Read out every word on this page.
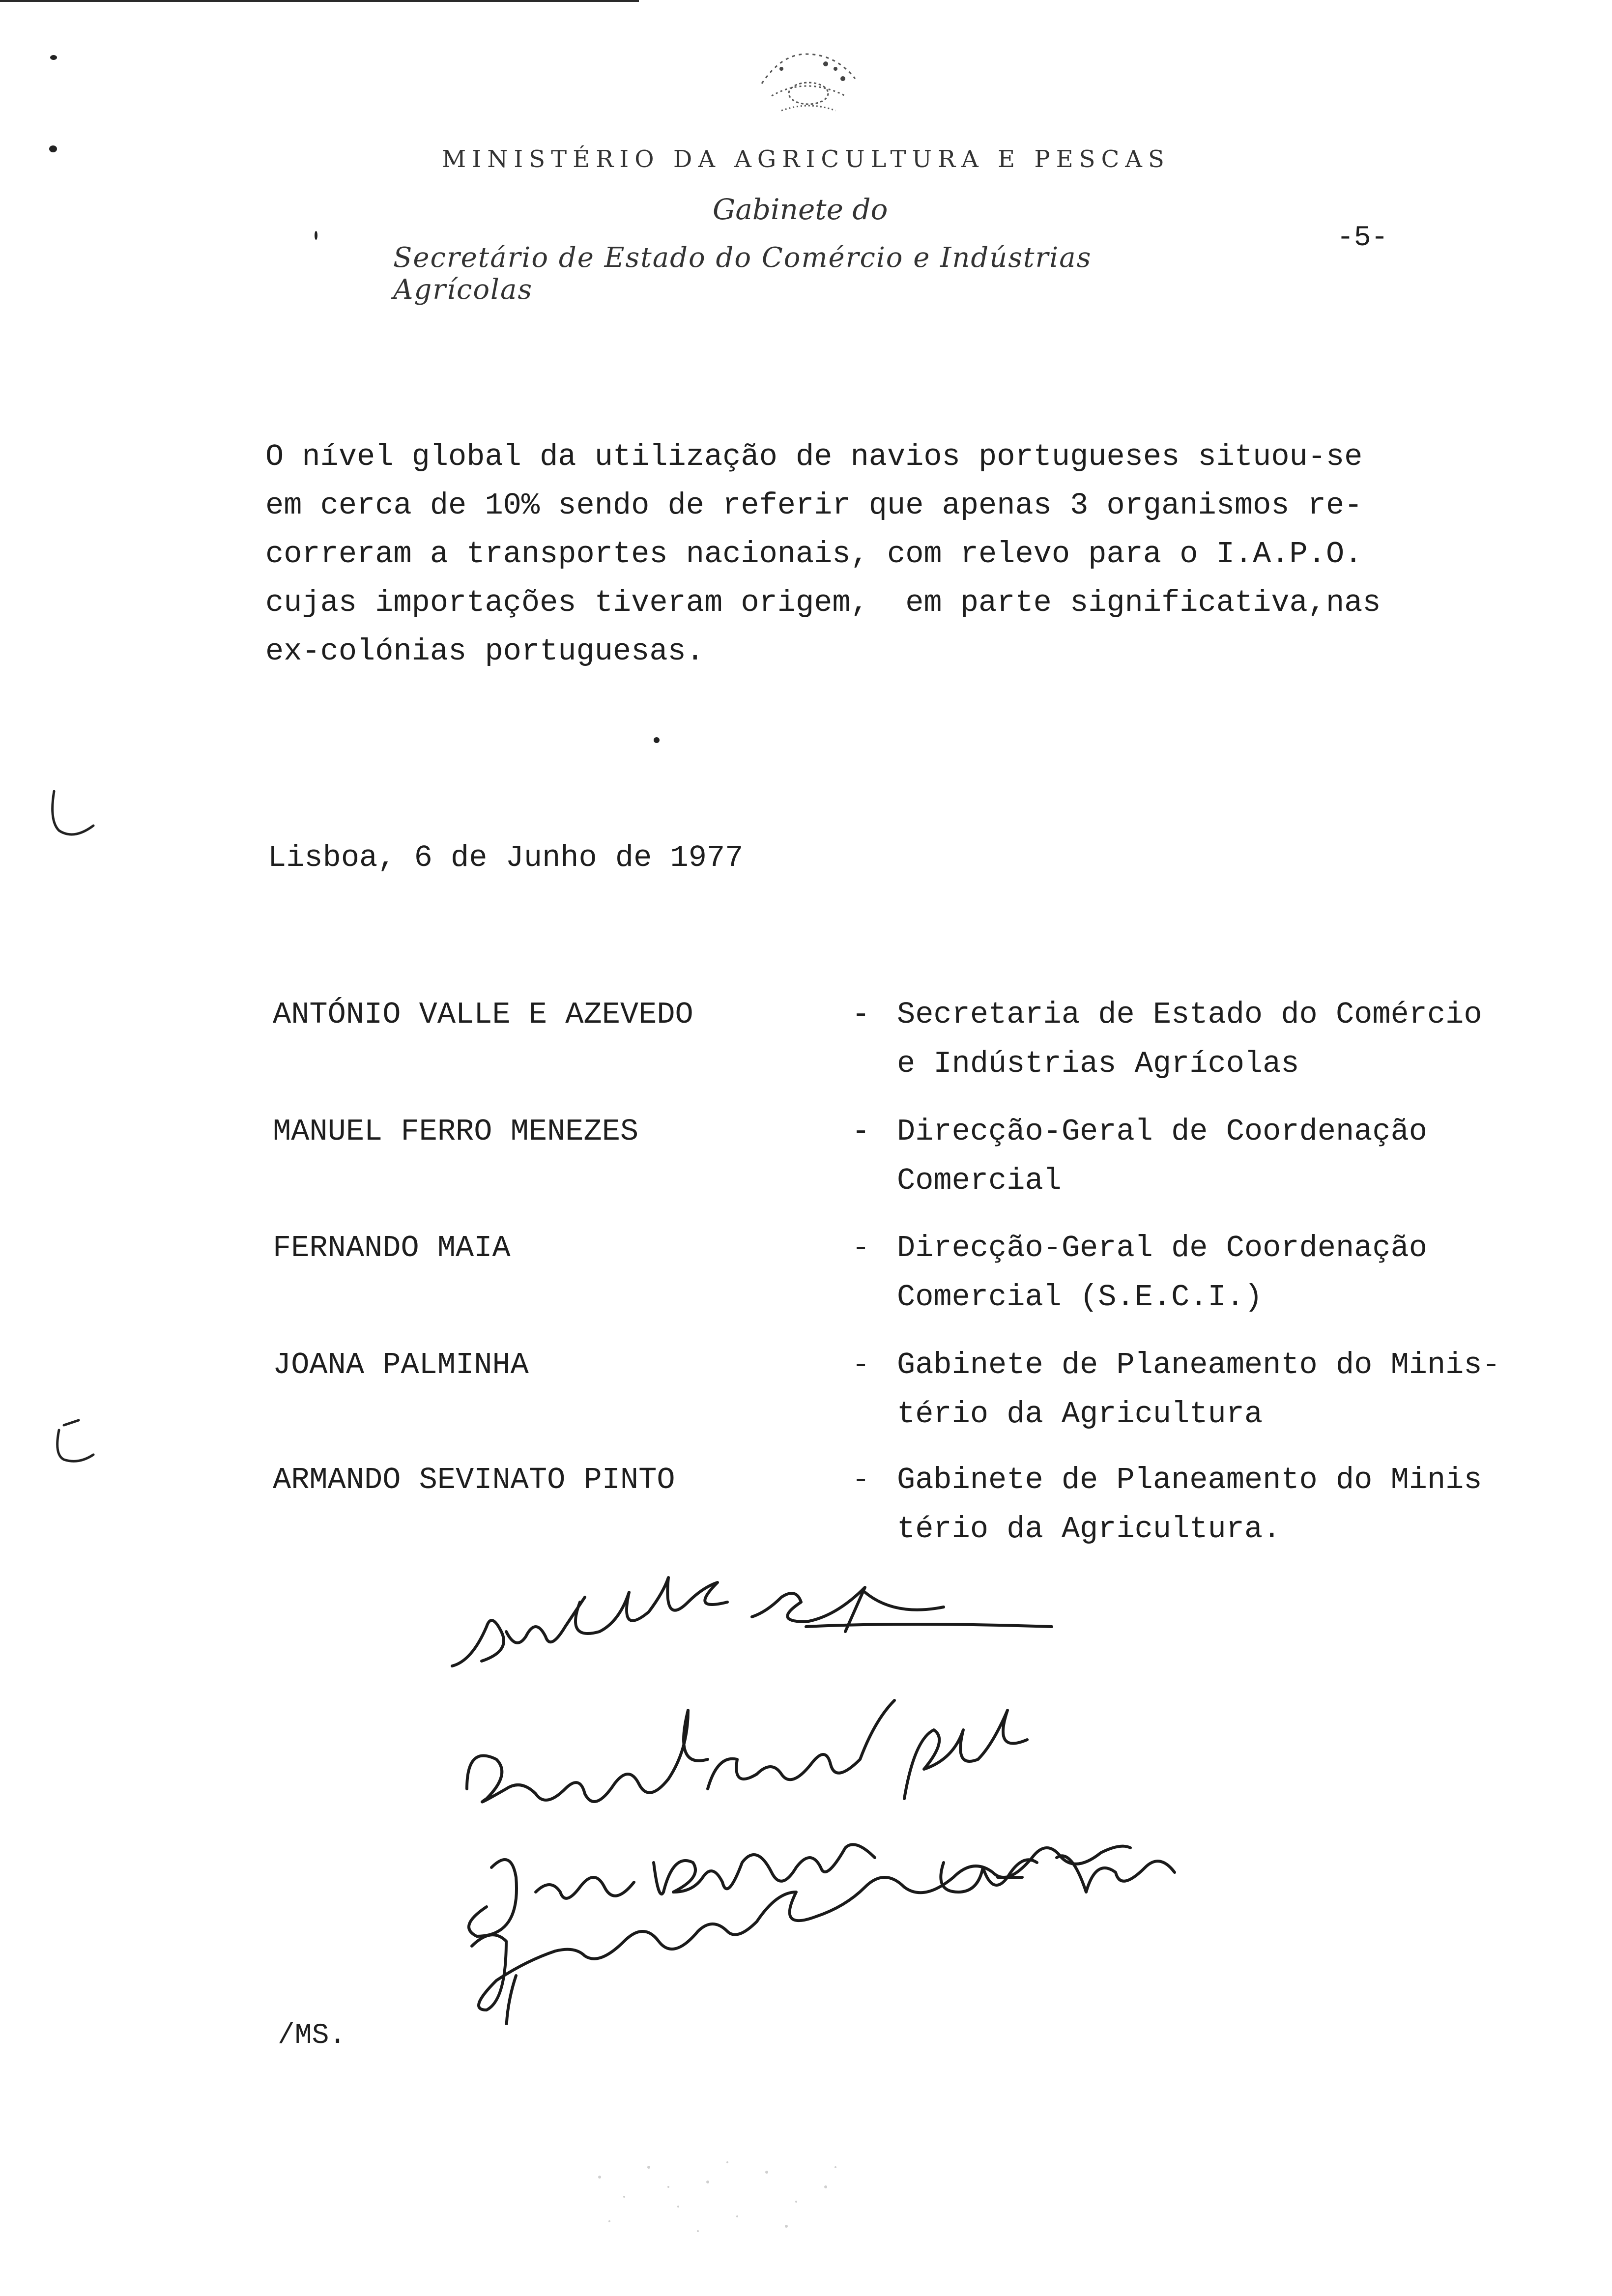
MINISTÉRIO DA AGRICULTURA E PESCAS
Gabinete do
Secretário de Estado do Comércio e Indústrias Agrícolas
-5-
O nível global da utilização de navios portugueses situou-se
em cerca de 10% sendo de referir que apenas 3 organismos re-
correram a transportes nacionais, com relevo para o I.A.P.O.
cujas importações tiveram origem,  em parte significativa,nas
ex-colónias portuguesas.
Lisboa, 6 de Junho de 1977
ANTÓNIO VALLE E AZEVEDO	- Secretaria de Estado do Comércio
e Indústrias Agrícolas
MANUEL FERRO MENEZES	- Direcção-Geral de Coordenação
Comercial
FERNANDO MAIA	- Direcção-Geral de Coordenação
Comercial (S.E.C.I.)
JOANA PALMINHA	- Gabinete de Planeamento do Minis-
tério da Agricultura
ARMANDO SEVINATO PINTO	- Gabinete de Planeamento do Minis
tério da Agricultura.
/MS.
